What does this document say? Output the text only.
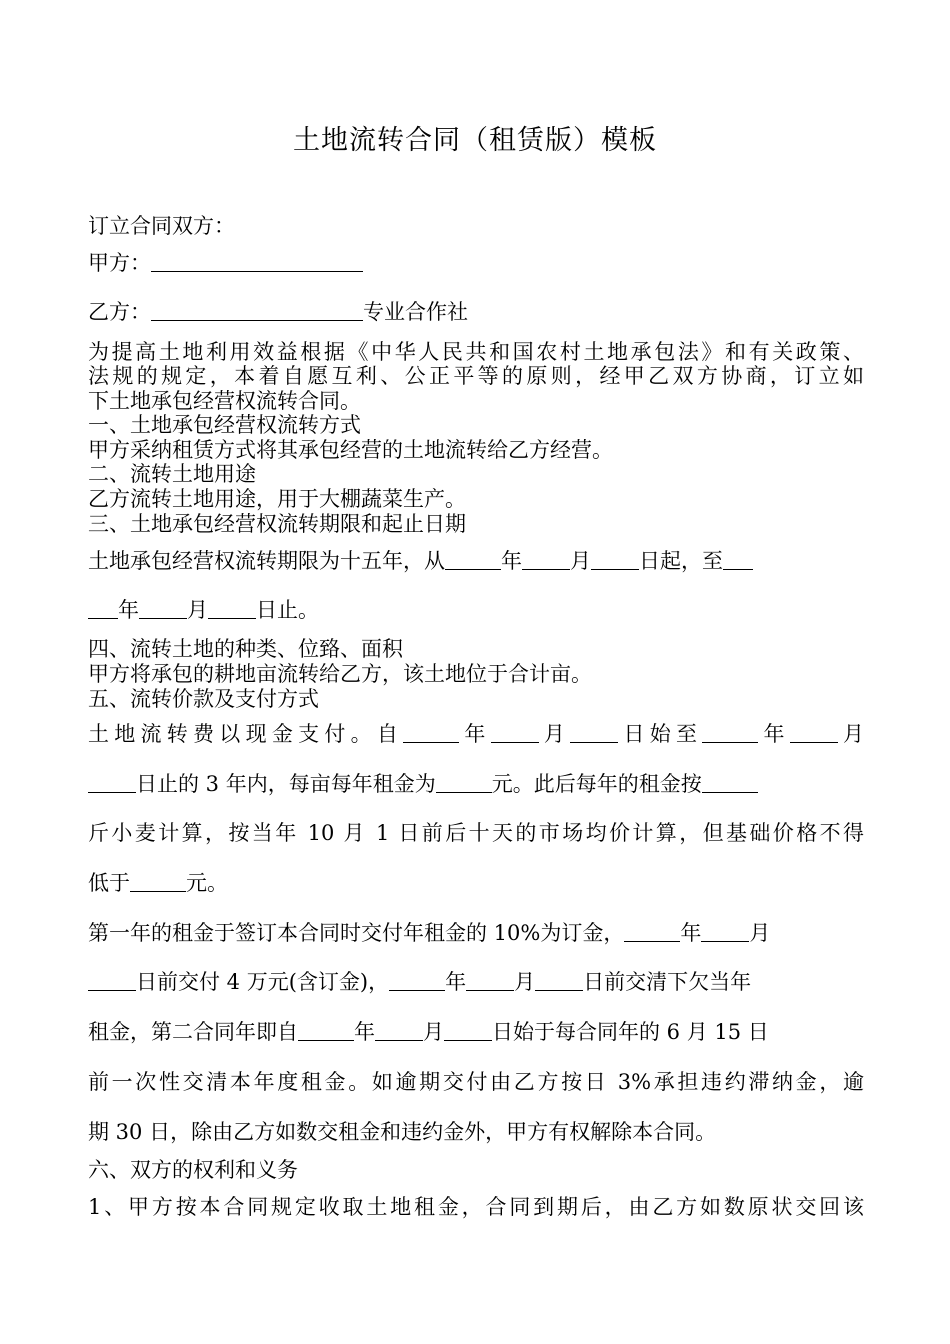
土地流转合同（租赁版）模板
订立合同双方：
甲方：
乙方：	专业合作社
为提高土地利用效益根据《中华人民共和国农村土地承包法》和有关政策、
法规的规定，本着自愿互利、公正平等的原则，经甲乙双方协商，订立如
下土地承包经营权流转合同。
一、土地承包经营权流转方式
甲方采纳租赁方式将其承包经营的土地流转给乙方经营。
二、流转土地用途
乙方流转土地用途，用于大棚蔬菜生产。
三、土地承包经营权流转期限和起止日期
土地承包经营权流转期限为十五年，从	年 月 日起，至
年 月 日止。
四、流转土地的种类、位臵、面积
甲方将承包的耕地亩流转给乙方，该土地位于合计亩。
五、流转价款及支付方式
土地流转费以现金支付。自	年 月 日始至	年 月
日止的 3 年内，每亩每年租金为	元。此后每年的租金按
斤小麦计算，按当年 10 月 1 日前后十天的市场均价计算，但基础价格不得
低于	元。
第一年的租金于签订本合同时交付年租金的 10%为订金，	年 月
日前交付 4 万元(含订金)，	年 月 日前交清下欠当年
租金，第二合同年即自	年 月 日始于每合同年的 6 月 15 日
前一次性交清本年度租金。如逾期交付由乙方按日 3%承担违约滞纳金，逾
期 30 日，除由乙方如数交租金和违约金外，甲方有权解除本合同。
六、双方的权利和义务
1、甲方按本合同规定收取土地租金，合同到期后，由乙方如数原状交回该
